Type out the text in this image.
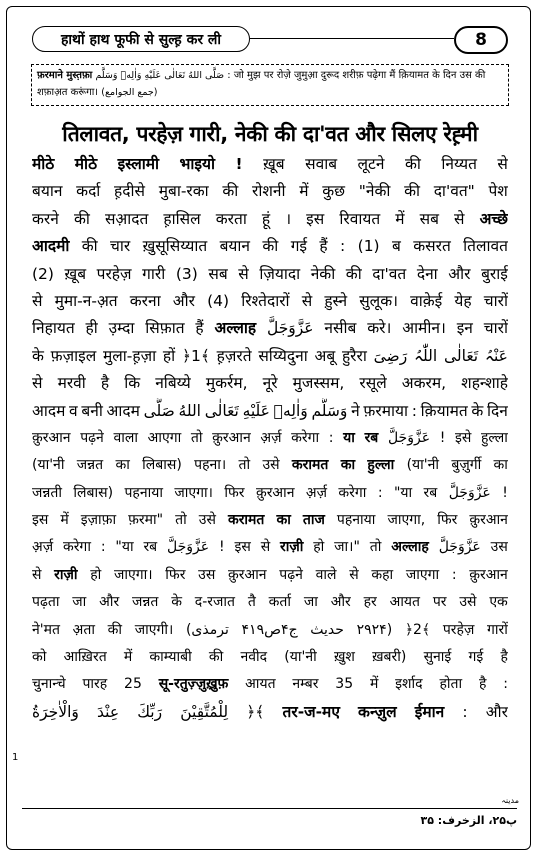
हाथों हाथ फूफी से सुल्ह़ कर ली	8
फ़रमाने मुस्त़फ़ा صَلَّى اللهُ تَعَالٰى عَلَيْهِ وَاٰلِهٖ وَسَلَّم : जो मुझ पर रोजे़ जुमुआ़ दुरूद शरीफ़ पढ़ेगा मैं क़ियामत के दिन उस की
शफ़ाअ़त करूंगा। (جمع الجوامع)
तिलावत, परहेज़ गारी, नेकी की दा'वत और सिलए रेह़्मी
मीठे मीठे इस्लामी भाइयो ! ख़ूब सवाब लूटने की निय्यत से
बयान कर्दा ह़दीसे मुबा-रका की रोशनी में कुछ "नेकी की दा'वत" पेश
करने की सआ़दत ह़ासिल करता हूं । इस रिवायत में सब से अच्छे
आदमी की चार ख़ुसूसिय्यात बयान की गई हैं : (1) ब कसरत तिलावत
(2) ख़ूब परहेज़ गारी (3) सब से ज़ियादा नेकी की दा'वत देना और बुराई
से मुमा-न-अ़त करना और (4) रिश्तेदारों से ह़ुस्ने सुलूक। वाके़ई येह चारों
निहायत ही उ़म्दा सिफ़ात हैं अल्लाह عَزَّوَجَلَّ नसीब करे। आमीन। इन चारों
के फ़ज़ाइल मुला-ह़ज़ा हों ﴿1﴾ ह़ज़रते सय्यिदुना अबू हुरैरा رَضِیَ اللّٰہُ تَعَالٰی عَنْہُ
से मरवी है कि नबिय्ये मुकर्रम, नूरे मुजस्सम, रसूले अकरम, शहन्शाहे
आदम व बनी आदम صَلَّى اللهُ تَعَالٰى عَلَيْهِ وَاٰلِهٖ وَسَلَّم ने फ़रमाया : क़ियामत के दिन
क़ुरआन पढ़ने वाला आएगा तो क़ुरआन अ़र्ज़ करेगा : या रब عَزَّوَجَلَّ ! इसे हुल्ला
(या'नी जन्नत का लिबास) पहना। तो उसे करामत का हुल्ला (या'नी बुज़ुर्गी का
जन्नती लिबास) पहनाया जाएगा। फिर क़ुरआन अ़र्ज़ करेगा : "या रब عَزَّوَجَلَّ !
इस में इज़ाफ़ा फ़रमा" तो उसे करामत का ताज पहनाया जाएगा, फिर क़ुरआन
अ़र्ज़ करेगा : "या रब عَزَّوَجَلَّ ! इस से राज़ी हो जा।" तो अल्लाह عَزَّوَجَلَّ उस
से राज़ी हो जाएगा। फिर उस क़ुरआन पढ़ने वाले से कहा जाएगा : क़ुरआन
पढ़ता जा और जन्नत के द-रजात तै कर्ता जा और हर आयत पर उसे एक
ने'मत अ़ता की जाएगी। (ترمذی ج۴ص۴۱۹ حدیث ۲۹۲۴) ﴿2﴾ परहेज़ गारों
को आख़िरत में काम्याबी की नवीद (या'नी ख़ुश ख़बरी) सुनाई गई है
चुनान्चे पारह 25 सू-रतुज़्ज़ुख़्रुफ़ आयत नम्बर 35 में इर्शाद होता है :
وَالْاٰخِرَةُ عِنْدَ رَبِّكَ لِلْمُتَّقِيْنَ ﴿﴾ तर-ज-मए कन्ज़ुल ईमान : और
1
مدینہ
پ۲۵، الزخرف: ۳۵
